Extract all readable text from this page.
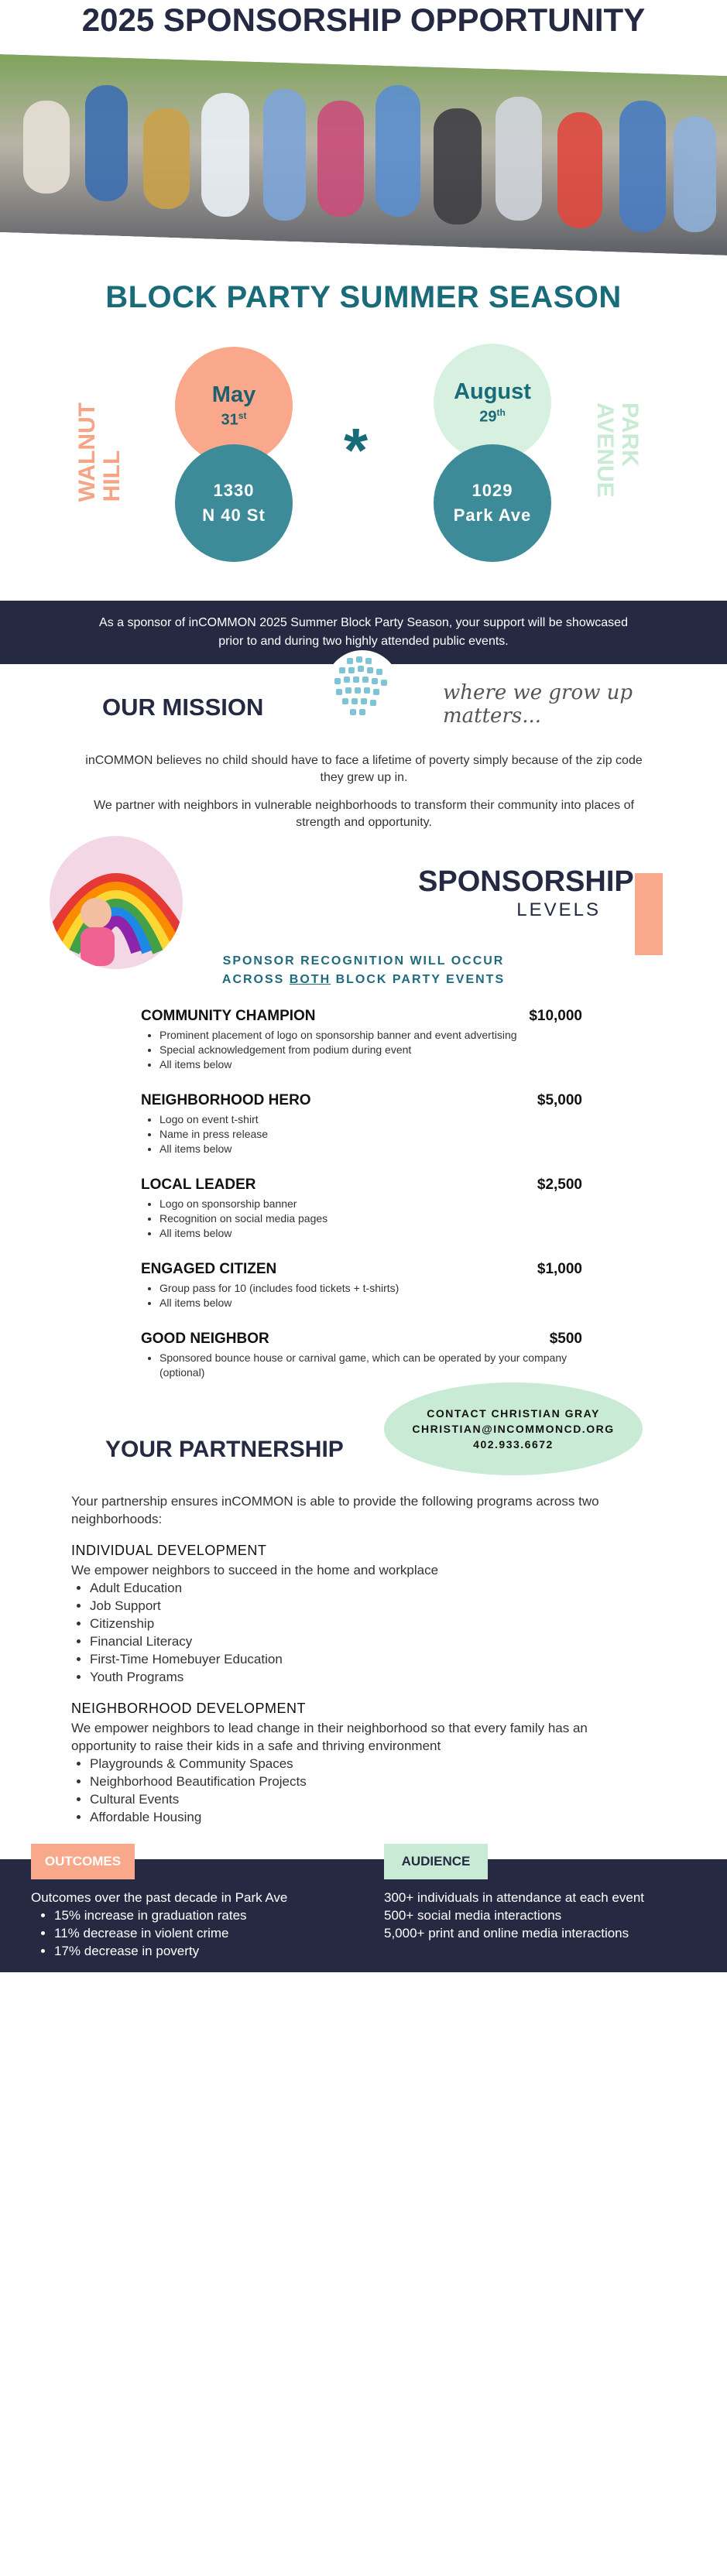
2025 SPONSORSHIP OPPORTUNITY
BLOCK PARTY SUMMER SEASON
WALNUT HILL
May
31st
1330
N 40 St
*
August
29th
1029
Park Ave
PARK
AVENUE

As a sponsor of inCOMMON 2025 Summer Block Party Season, your support will be showcased prior to and during two highly attended public events.

OUR MISSION
where we grow up matters...

inCOMMON believes no child should have to face a lifetime of poverty simply because of the zip code they grew up in.

We partner with neighbors in vulnerable neighborhoods to transform their community into places of strength and opportunity.

SPONSORSHIP
LEVELS
SPONSOR RECOGNITION WILL OCCUR
ACROSS BOTH BLOCK PARTY EVENTS
COMMUNITY CHAMPION	$10,000
• Prominent placement of logo on sponsorship banner and event advertising
• Special acknowledgement from podium during event
• All items below
NEIGHBORHOOD HERO	$5,000
• Logo on event t-shirt
• Name in press release
• All items below
LOCAL LEADER	$2,500
• Logo on sponsorship banner
• Recognition on social media pages
• All items below
ENGAGED CITIZEN	$1,000
• Group pass for 10 (includes food tickets + t-shirts)
• All items below
GOOD NEIGHBOR	$500
• Sponsored bounce house or carnival game, which can be operated by your company (optional)
CONTACT CHRISTIAN GRAY
CHRISTIAN@INCOMMONCD.ORG
402.933.6672
YOUR PARTNERSHIP

Your partnership ensures inCOMMON is able to provide the following programs across two neighborhoods:

INDIVIDUAL DEVELOPMENT
We empower neighbors to succeed in the home and workplace
• Adult Education
• Job Support
• Citizenship
• Financial Literacy
• First-Time Homebuyer Education
• Youth Programs
NEIGHBORHOOD DEVELOPMENT
We empower neighbors to lead change in their neighborhood so that every family has an opportunity to raise their kids in a safe and thriving environment
• Playgrounds & Community Spaces
• Neighborhood Beautification Projects
• Cultural Events
• Affordable Housing
OUTCOMES	AUDIENCE
Outcomes over the past decade in Park Ave
• 15% increase in graduation rates
• 11% decrease in violent crime
• 17% decrease in poverty
300+ individuals in attendance at each event
500+ social media interactions
5,000+ print and online media interactions
